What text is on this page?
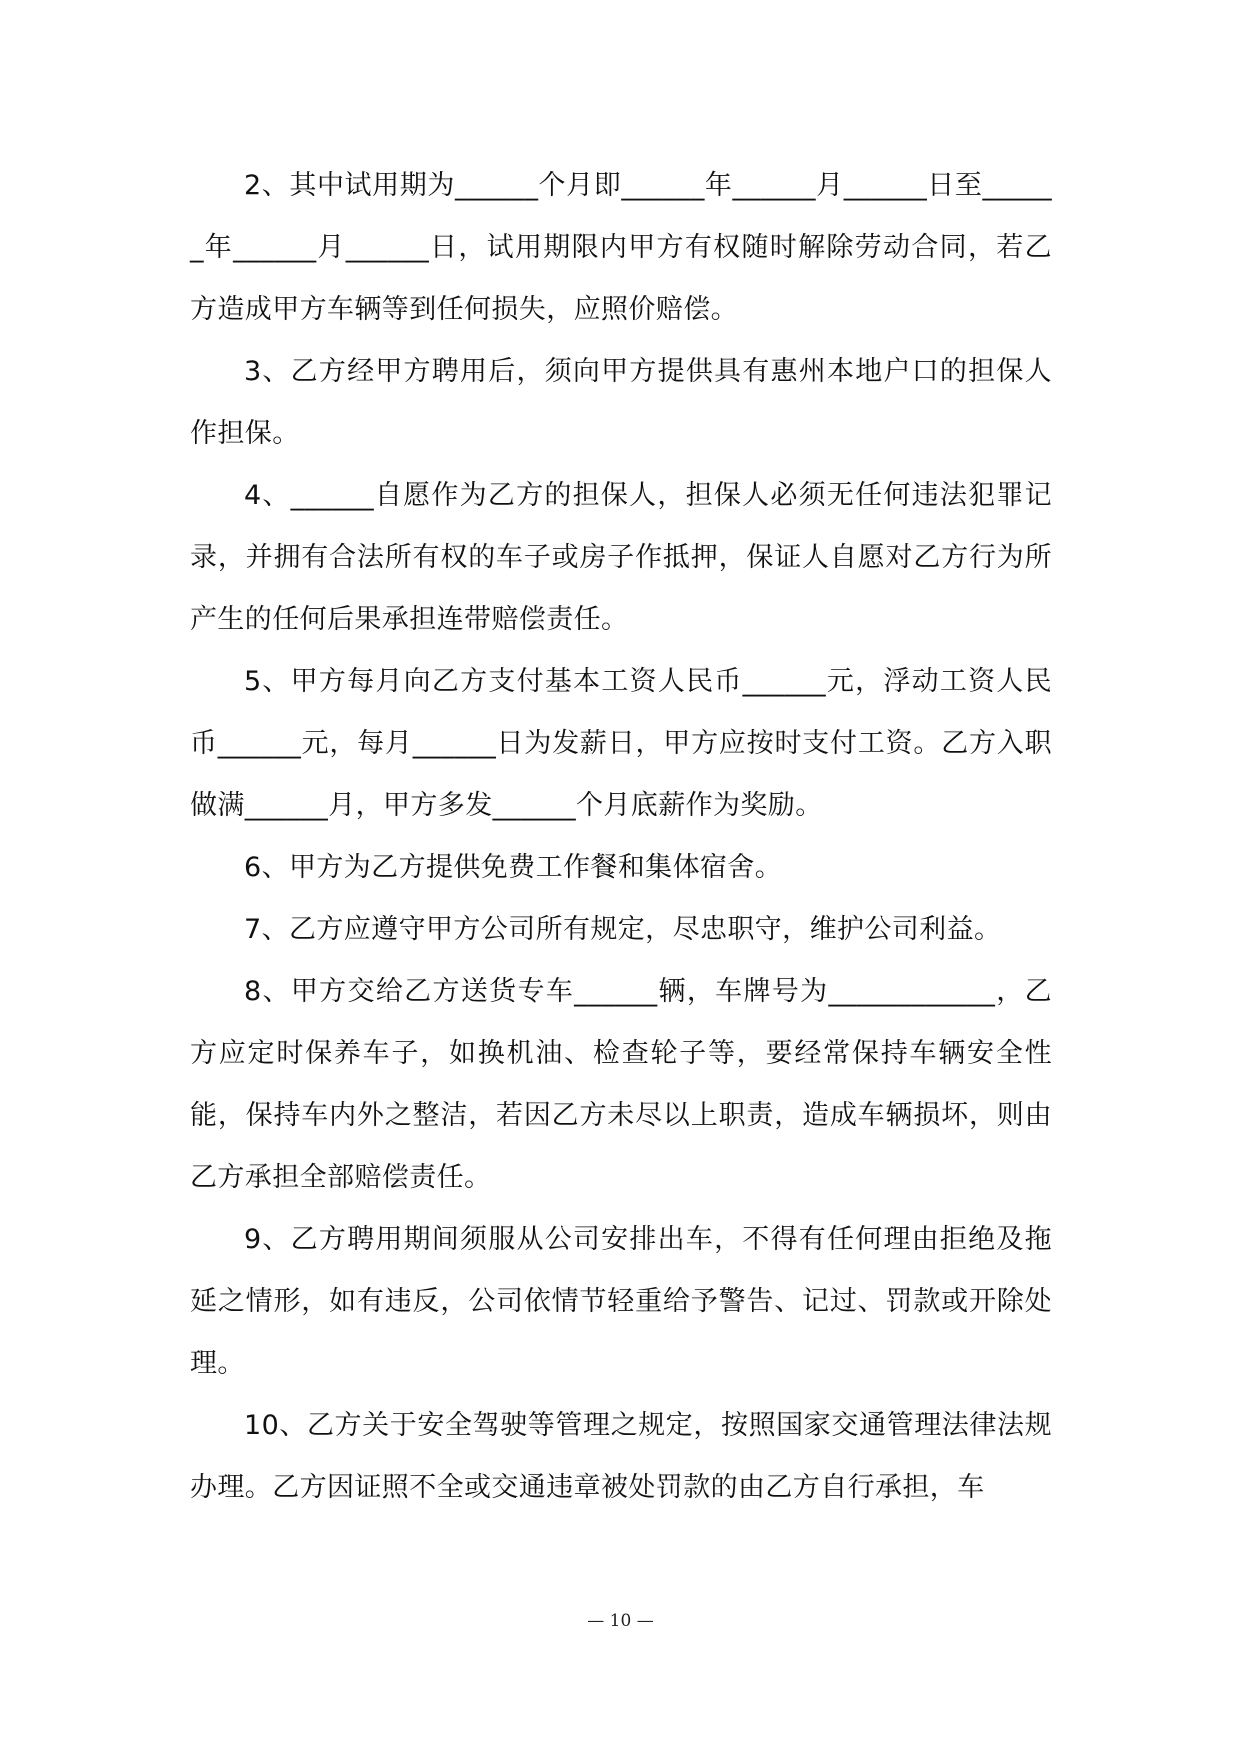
2、其中试用期为______个月即______年______月______日至______年______月______日，试用期限内甲方有权随时解除劳动合同，若乙方造成甲方车辆等到任何损失，应照价赔偿。

3、乙方经甲方聘用后，须向甲方提供具有惠州本地户口的担保人作担保。

4、______自愿作为乙方的担保人，担保人必须无任何违法犯罪记录，并拥有合法所有权的车子或房子作抵押，保证人自愿对乙方行为所产生的任何后果承担连带赔偿责任。

5、甲方每月向乙方支付基本工资人民币______元，浮动工资人民币______元，每月______日为发薪日，甲方应按时支付工资。乙方入职做满______月，甲方多发______个月底薪作为奖励。

6、甲方为乙方提供免费工作餐和集体宿舍。

7、乙方应遵守甲方公司所有规定，尽忠职守，维护公司利益。

8、甲方交给乙方送货专车______辆，车牌号为____________，乙方应定时保养车子，如换机油、检查轮子等，要经常保持车辆安全性能，保持车内外之整洁，若因乙方未尽以上职责，造成车辆损坏，则由乙方承担全部赔偿责任。

9、乙方聘用期间须服从公司安排出车，不得有任何理由拒绝及拖延之情形，如有违反，公司依情节轻重给予警告、记过、罚款或开除处理。

10、乙方关于安全驾驶等管理之规定，按照国家交通管理法律法规办理。乙方因证照不全或交通违章被处罚款的由乙方自行承担，车

— 10 —
